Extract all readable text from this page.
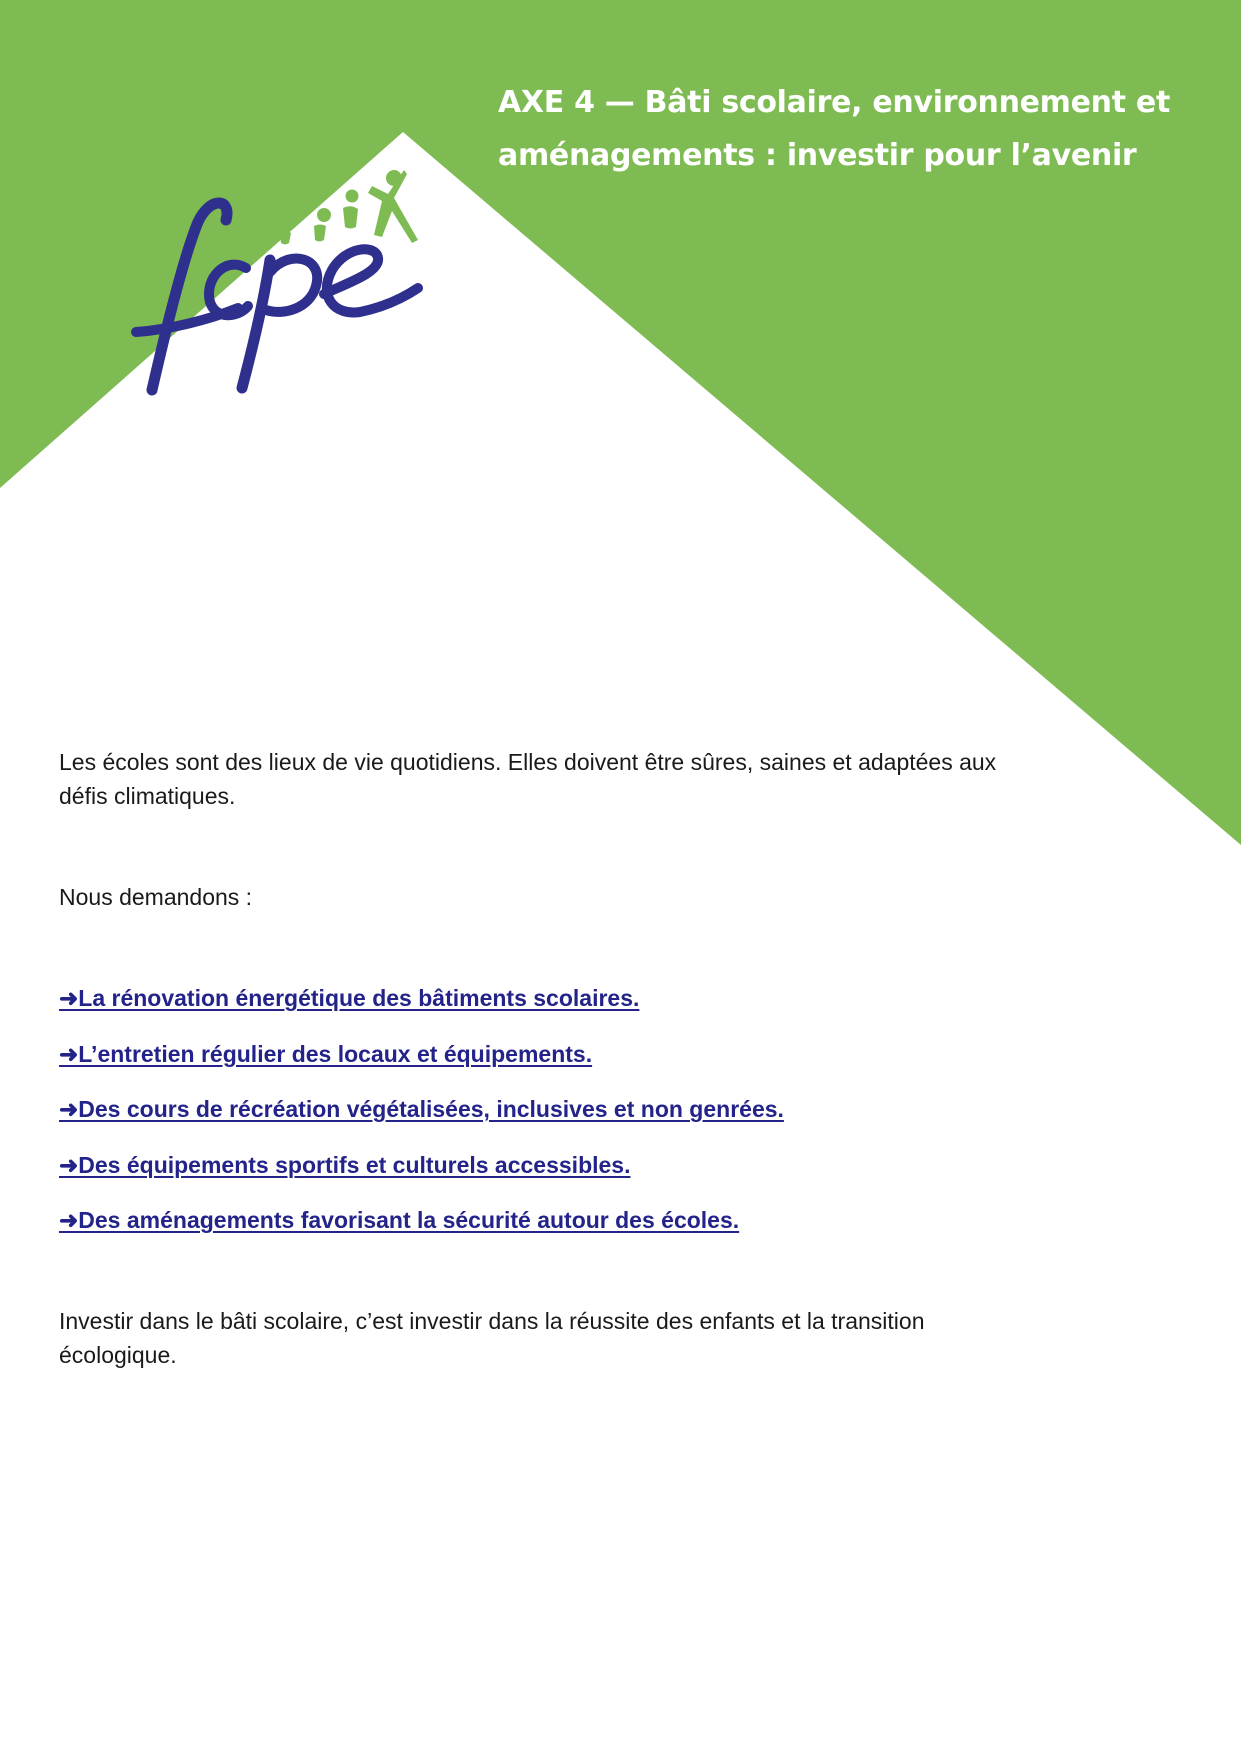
AXE 4 — Bâti scolaire, environnement et
aménagements : investir pour l’avenir

Les écoles sont des lieux de vie quotidiens. Elles doivent être sûres, saines et adaptées aux
défis climatiques.

Nous demandons :

➜La rénovation énergétique des bâtiments scolaires.
➜L’entretien régulier des locaux et équipements.
➜Des cours de récréation végétalisées, inclusives et non genrées.
➜Des équipements sportifs et culturels accessibles.
➜Des aménagements favorisant la sécurité autour des écoles.

Investir dans le bâti scolaire, c’est investir dans la réussite des enfants et la transition
écologique.
